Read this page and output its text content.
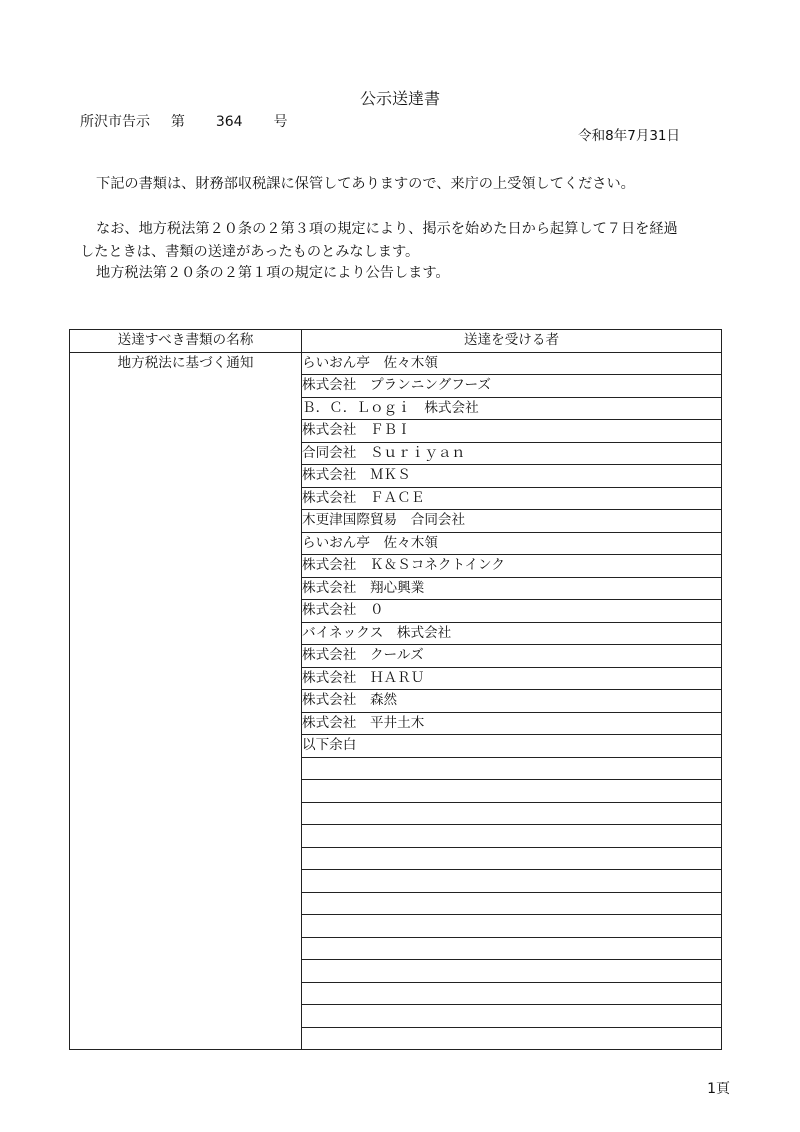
公示送達書
所沢市告示 第 364 号
令和8年7月31日
下記の書類は、財務部収税課に保管してありますので、来庁の上受領してください。
なお、地方税法第２０条の２第３項の規定により、掲示を始めた日から起算して７日を経過
したときは、書類の送達があったものとみなします。
地方税法第２０条の２第１項の規定により公告します。
送達すべき書類の名称	送達を受ける者
地方税法に基づく通知	らいおん亭　佐々木領
	株式会社　プランニングフーズ
	Ｂ．Ｃ．Ｌｏｇｉ　株式会社
	株式会社　ＦＢＩ
	合同会社　Ｓｕｒｉｙａｎ
	株式会社　ＭＫＳ
	株式会社　ＦＡＣＥ
	木更津国際貿易　合同会社
	らいおん亭　佐々木領
	株式会社　Ｋ＆Ｓコネクトインク
	株式会社　翔心興業
	株式会社　０
	バイネックス　株式会社
	株式会社　クールズ
	株式会社　ＨＡＲＵ
	株式会社　森然
	株式会社　平井土木
	以下余白

1頁
